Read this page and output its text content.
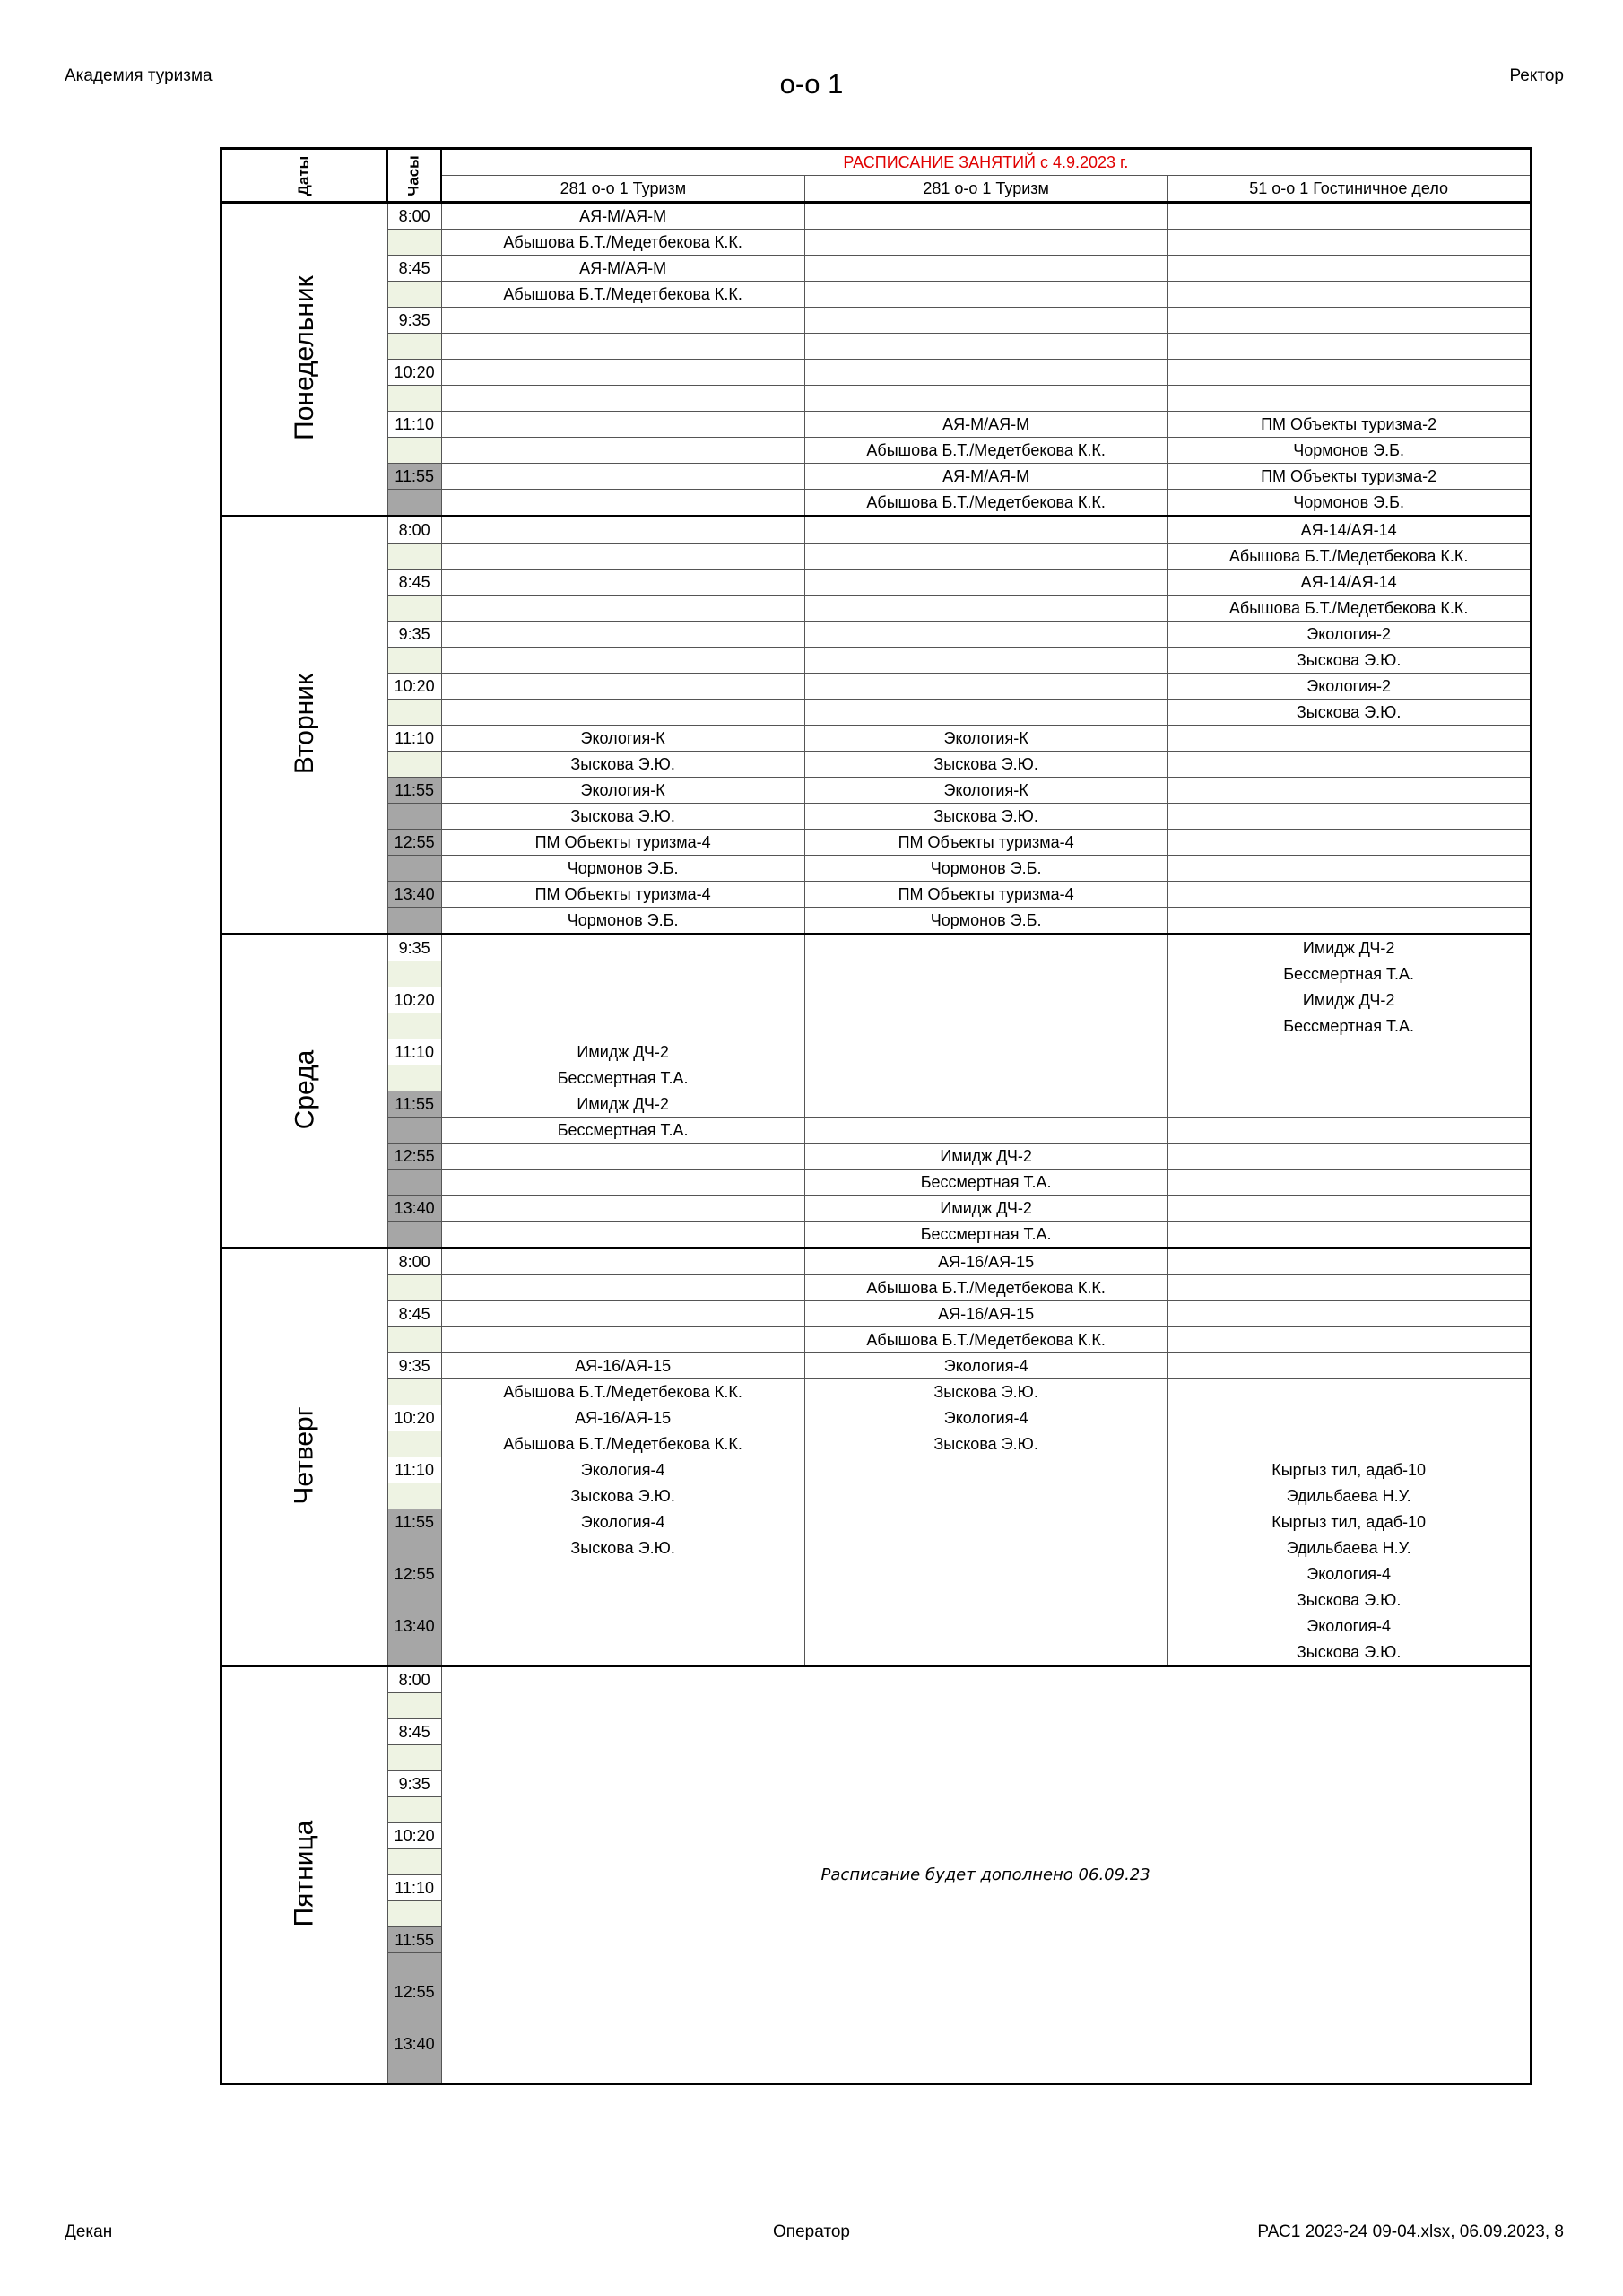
Академия туризма	о-о 1	Ректор
Даты	Часы	РАСПИСАНИЕ ЗАНЯТИЙ с 4.9.2023 г.		
		281 о-о 1 Туризм	281 о-о 1 Туризм	51 о-о 1 Гостиничное дело
Понедельник	8:00	АЯ-М/АЯ-М		
		Абышова Б.Т./Медетбекова К.К.		
	8:45	АЯ-М/АЯ-М		
		Абышова Б.Т./Медетбекова К.К.		
	9:35			

	10:20			

	11:10		АЯ-М/АЯ-М	ПМ Объекты туризма-2
			Абышова Б.Т./Медетбекова К.К.	Чормонов Э.Б.
	11:55		АЯ-М/АЯ-М	ПМ Объекты туризма-2
			Абышова Б.Т./Медетбекова К.К.	Чормонов Э.Б.
Вторник	8:00			АЯ-14/АЯ-14
				Абышова Б.Т./Медетбекова К.К.
	8:45			АЯ-14/АЯ-14
				Абышова Б.Т./Медетбекова К.К.
	9:35			Экология-2
				Зыскова Э.Ю.
	10:20			Экология-2
				Зыскова Э.Ю.
	11:10	Экология-К	Экология-К	
		Зыскова Э.Ю.	Зыскова Э.Ю.	
	11:55	Экология-К	Экология-К	
		Зыскова Э.Ю.	Зыскова Э.Ю.	
	12:55	ПМ Объекты туризма-4	ПМ Объекты туризма-4	
		Чормонов Э.Б.	Чормонов Э.Б.	
	13:40	ПМ Объекты туризма-4	ПМ Объекты туризма-4	
		Чормонов Э.Б.	Чормонов Э.Б.	
Среда	9:35			Имидж ДЧ-2
				Бессмертная Т.А.
	10:20			Имидж ДЧ-2
				Бессмертная Т.А.
	11:10	Имидж ДЧ-2		
		Бессмертная Т.А.		
	11:55	Имидж ДЧ-2		
		Бессмертная Т.А.		
	12:55		Имидж ДЧ-2	
			Бессмертная Т.А.	
	13:40		Имидж ДЧ-2	
			Бессмертная Т.А.	
Четверг	8:00		АЯ-16/АЯ-15	
			Абышова Б.Т./Медетбекова К.К.	
	8:45		АЯ-16/АЯ-15	
			Абышова Б.Т./Медетбекова К.К.	
	9:35	АЯ-16/АЯ-15	Экология-4	
		Абышова Б.Т./Медетбекова К.К.	Зыскова Э.Ю.	
	10:20	АЯ-16/АЯ-15	Экология-4	
		Абышова Б.Т./Медетбекова К.К.	Зыскова Э.Ю.	
	11:10	Экология-4		Кыргыз тил, адаб-10
		Зыскова Э.Ю.		Эдильбаева Н.У.
	11:55	Экология-4		Кыргыз тил, адаб-10
		Зыскова Э.Ю.		Эдильбаева Н.У.
	12:55			Экология-4
				Зыскова Э.Ю.
	13:40			Экология-4
				Зыскова Э.Ю.
Пятница	8:00	Расписание будет дополнено 06.09.23		

	8:45			

	9:35			

	10:20			

	11:10			

	11:55			

	12:55			

	13:40			

Декан	Оператор	РАС1 2023-24 09-04.xlsx, 06.09.2023, 8
